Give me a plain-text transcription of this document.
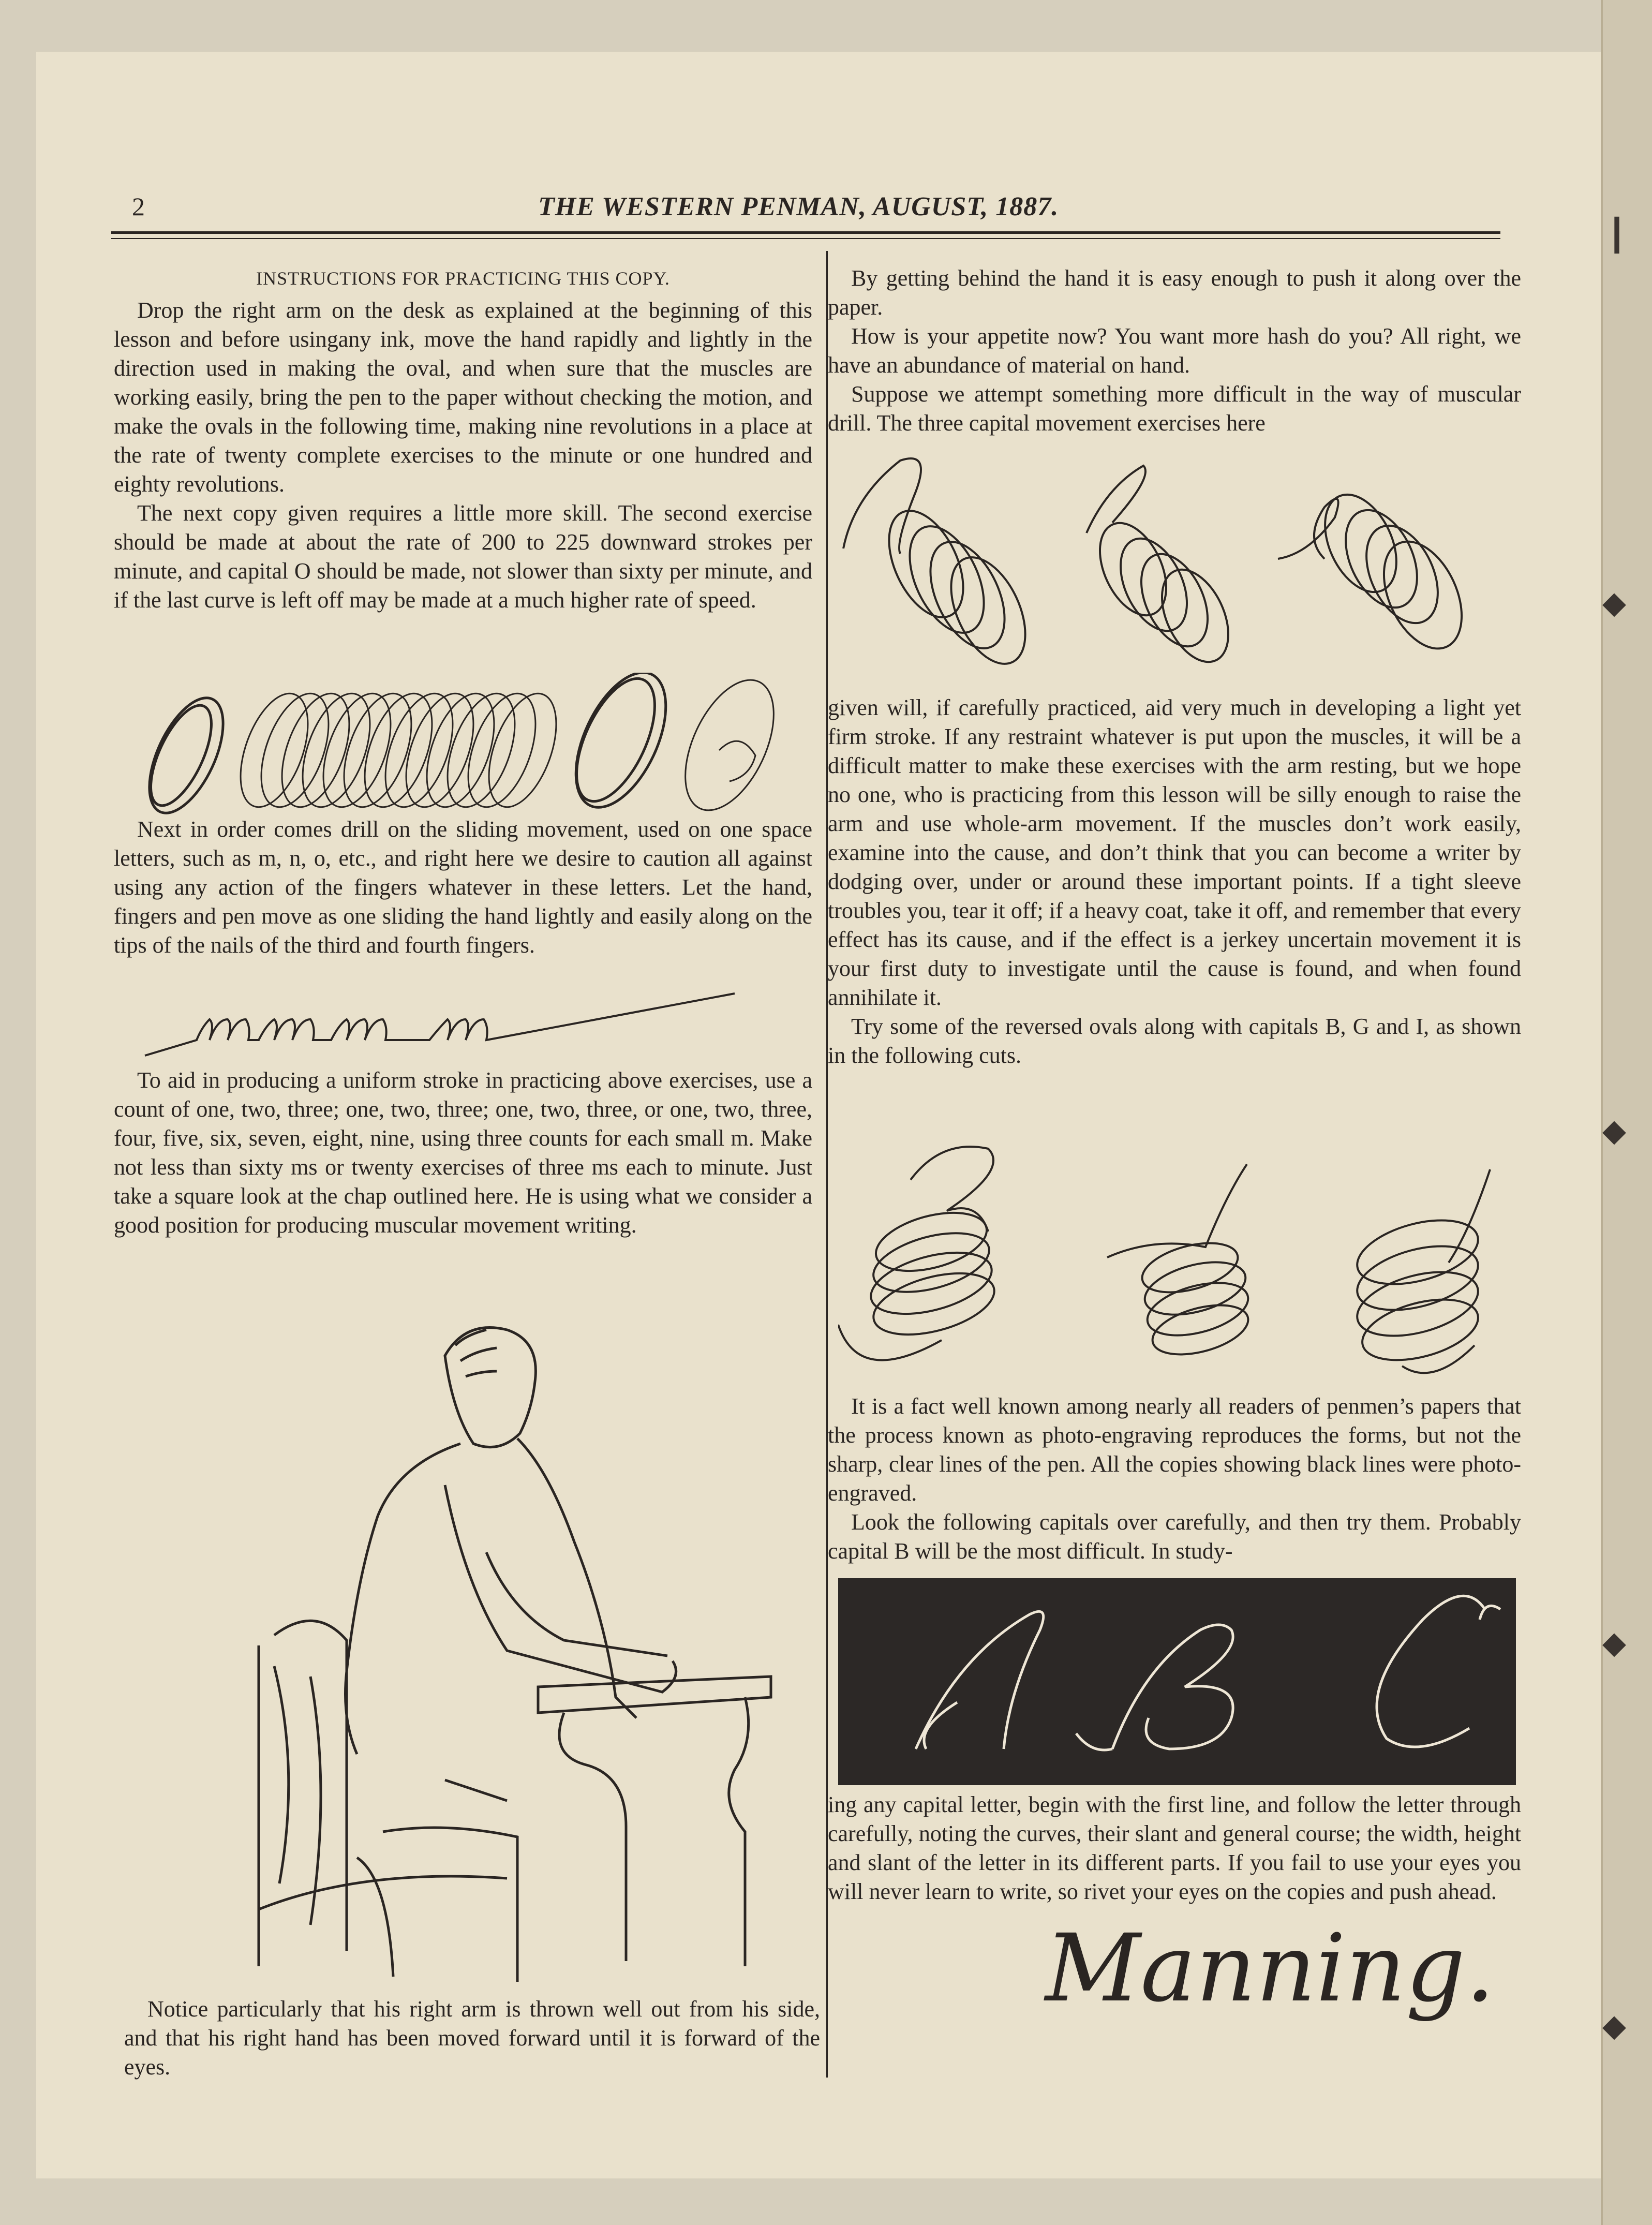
┃
◆
◆
◆
◆
2	THE WESTERN PENMAN, AUGUST, 1887.
INSTRUCTIONS FOR PRACTICING THIS COPY.

Drop the right arm on the desk as explained at the beginning of this lesson and before usingany ink, move the hand rapidly and lightly in the direction used in making the oval, and when sure that the muscles are working easily, bring the pen to the paper without checking the motion, and make the ovals in the following time, making nine revolutions in a place at the rate of twenty complete exercises to the minute or one hundred and eighty revolutions.

The next copy given requires a little more skill. The second exercise should be made at about the rate of 200 to 225 downward strokes per minute, and capital O should be made, not slower than sixty per minute, and if the last curve is left off may be made at a much higher rate of speed.

Next in order comes drill on the sliding movement, used on one space letters, such as m, n, o, etc., and right here we desire to caution all against using any action of the fingers whatever in these letters. Let the hand, fingers and pen move as one sliding the hand lightly and easily along on the tips of the nails of the third and fourth fingers.

To aid in producing a uniform stroke in practicing above exercises, use a count of one, two, three; one, two, three; one, two, three, or one, two, three, four, five, six, seven, eight, nine, using three counts for each small m. Make not less than sixty ms or twenty exercises of three ms each to minute. Just take a square look at the chap outlined here. He is using what we consider a good position for producing muscular movement writing.

Notice particularly that his right arm is thrown well out from his side, and that his right hand has been moved forward until it is forward of the eyes.

By getting behind the hand it is easy enough to push it along over the paper.

How is your appetite now? You want more hash do you? All right, we have an abundance of material on hand.

Suppose we attempt something more difficult in the way of muscular drill. The three capital movement exercises here

given will, if carefully practiced, aid very much in developing a light yet firm stroke. If any restraint whatever is put upon the muscles, it will be a difficult matter to make these exercises with the arm resting, but we hope no one, who is practicing from this lesson will be silly enough to raise the arm and use whole-arm movement. If the muscles don’t work easily, examine into the cause, and don’t think that you can become a writer by dodging over, under or around these important points. If a tight sleeve troubles you, tear it off; if a heavy coat, take it off, and remember that every effect has its cause, and if the effect is a jerkey uncertain movement it is your first duty to investigate until the cause is found, and when found annihilate it.

Try some of the reversed ovals along with capitals B, G and I, as shown in the following cuts.

It is a fact well known among nearly all readers of penmen’s papers that the process known as photo-engraving reproduces the forms, but not the sharp, clear lines of the pen. All the copies showing black lines were photo-engraved.

Look the following capitals over carefully, and then try them. Probably capital B will be the most difficult. In study-

ing any capital letter, begin with the first line, and follow the letter through carefully, noting the curves, their slant and general course; the width, height and slant of the letter in its different parts. If you fail to use your eyes you will never learn to write, so rivet your eyes on the copies and push ahead.

Manning.
